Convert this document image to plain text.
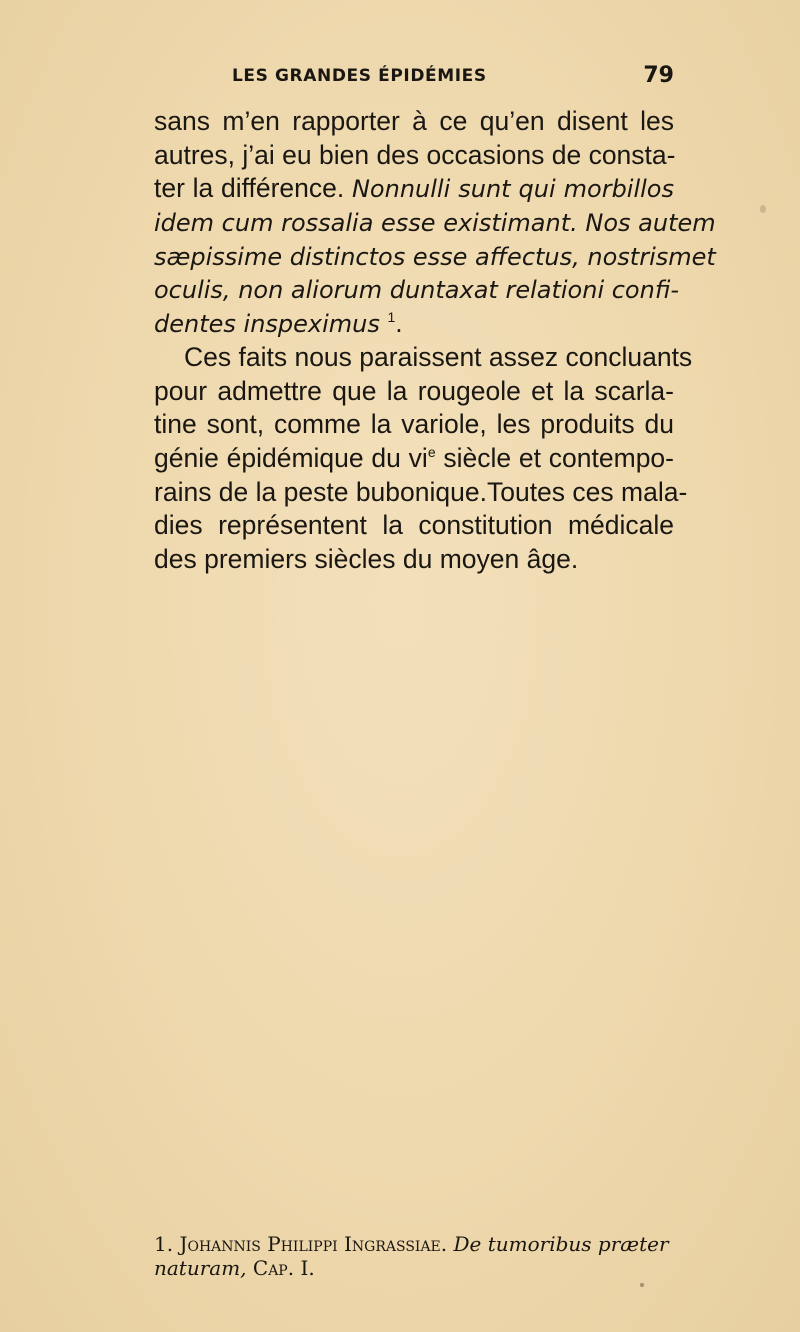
LES GRANDES ÉPIDÉMIES	79
sans m’en rapporter à ce qu’en disent les
autres, j’ai eu bien des occasions de consta-
ter la différence. Nonnulli sunt qui morbillos
idem cum rossalia esse existimant. Nos autem
sæpissime distinctos esse affectus, nostrismet
oculis, non aliorum duntaxat relationi confi-
dentes inspeximus $^1$.
Ces faits nous paraissent assez concluants
pour admettre que la rougeole et la scarla-
tine sont, comme la variole, les produits du
génie épidémique du $vi^e$ siècle et contempo-
rains de la peste bubonique.Toutes ces mala-
dies représentent la constitution médicale
des premiers siècles du moyen âge.
1. Johannis Philippi Ingrassiae. De tumoribus præter
naturam, Cap. I.
